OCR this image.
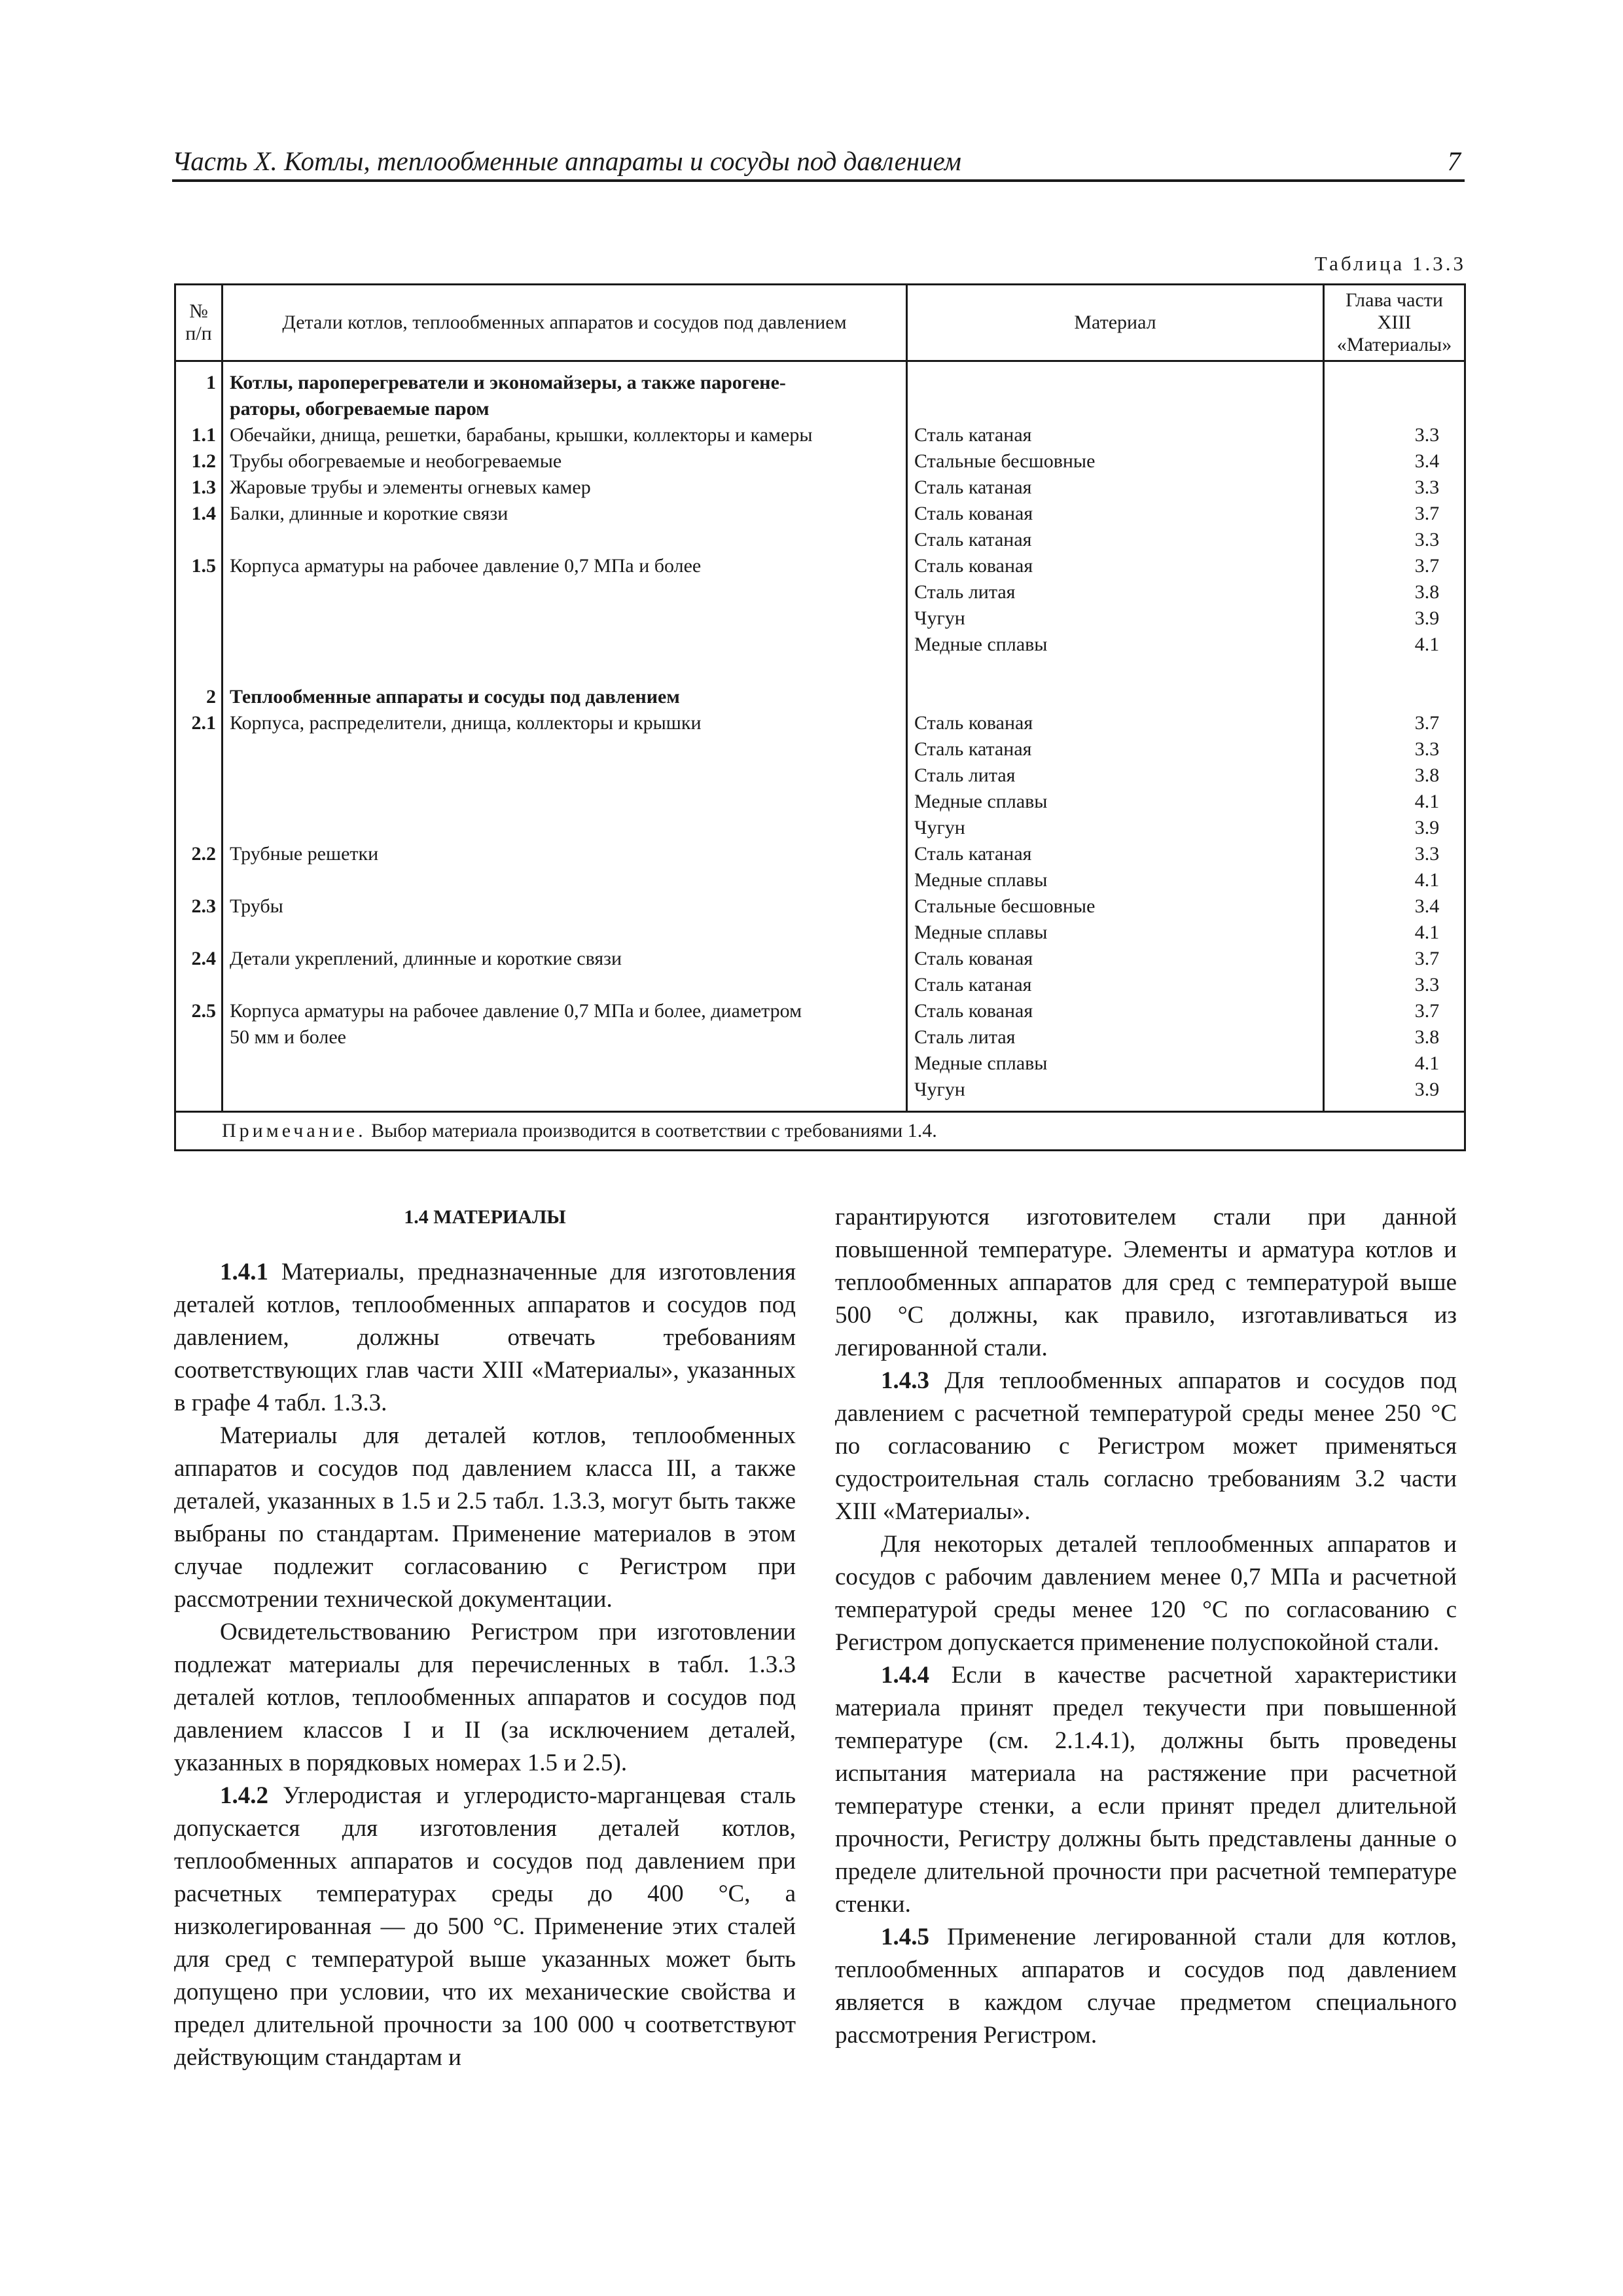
Часть X. Котлы, теплообменные аппараты и сосуды под давлением	7
Таблица 1.3.3
№ п/п	Детали котлов, теплообменных аппаратов и сосудов под давлением	Материал	Глава части XIII «Материалы»
1	Котлы, пароперегреватели и экономайзеры, а также парогене-		
	раторы, обогреваемые паром		
1.1	Обечайки, днища, решетки, барабаны, крышки, коллекторы и камеры	Сталь катаная	3.3
1.2	Трубы обогреваемые и необогреваемые	Стальные бесшовные	3.4
1.3	Жаровые трубы и элементы огневых камер	Сталь катаная	3.3
1.4	Балки, длинные и короткие связи	Сталь кованая	3.7
		Сталь катаная	3.3
1.5	Корпуса арматуры на рабочее давление 0,7 МПа и более	Сталь кованая	3.7
		Сталь литая	3.8
		Чугун	3.9
		Медные сплавы	4.1

2	Теплообменные аппараты и сосуды под давлением		
2.1	Корпуса, распределители, днища, коллекторы и крышки	Сталь кованая	3.7
		Сталь катаная	3.3
		Сталь литая	3.8
		Медные сплавы	4.1
		Чугун	3.9
2.2	Трубные решетки	Сталь катаная	3.3
		Медные сплавы	4.1
2.3	Трубы	Стальные бесшовные	3.4
		Медные сплавы	4.1
2.4	Детали укреплений, длинные и короткие связи	Сталь кованая	3.7
		Сталь катаная	3.3
2.5	Корпуса арматуры на рабочее давление 0,7 МПа и более, диаметром	Сталь кованая	3.7
	50 мм и более	Сталь литая	3.8
		Медные сплавы	4.1
		Чугун	3.9
Примечание. Выбор материала производится в соответствии с требованиями 1.4.			

1.4 МАТЕРИАЛЫ

1.4.1 Материалы, предназначенные для изготовления деталей котлов, теплообменных аппаратов и сосудов под давлением, должны отвечать требованиям соответствующих глав части XIII «Материалы», указанных в графе 4 табл. 1.3.3.

Материалы для деталей котлов, теплообменных аппаратов и сосудов под давлением класса III, а также деталей, указанных в 1.5 и 2.5 табл. 1.3.3, могут быть также выбраны по стандартам. Применение материалов в этом случае подлежит согласованию с Регистром при рассмотрении технической документации.

Освидетельствованию Регистром при изготовлении подлежат материалы для перечисленных в табл. 1.3.3 деталей котлов, теплообменных аппаратов и сосудов под давлением классов I и II (за исключением деталей, указанных в порядковых номерах 1.5 и 2.5).

1.4.2 Углеродистая и углеродисто-марганцевая сталь допускается для изготовления деталей котлов, теплообменных аппаратов и сосудов под давлением при расчетных температурах среды до 400 °С, а низколегированная — до 500 °С. Применение этих сталей для сред с температурой выше указанных может быть допущено при условии, что их механические свойства и предел длительной прочности за 100 000 ч соответствуют действующим стандартам и

гарантируются изготовителем стали при данной повышенной температуре. Элементы и арматура котлов и теплообменных аппаратов для сред с температурой выше 500 °С должны, как правило, изготавливаться из легированной стали.

1.4.3 Для теплообменных аппаратов и сосудов под давлением с расчетной температурой среды менее 250 °С по согласованию с Регистром может применяться судостроительная сталь согласно требованиям 3.2 части XIII «Материалы».

Для некоторых деталей теплообменных аппаратов и сосудов с рабочим давлением менее 0,7 МПа и расчетной температурой среды менее 120 °С по согласованию с Регистром допускается применение полуспокойной стали.

1.4.4 Если в качестве расчетной характеристики материала принят предел текучести при повышенной температуре (см. 2.1.4.1), должны быть проведены испытания материала на растяжение при расчетной температуре стенки, а если принят предел длительной прочности, Регистру должны быть представлены данные о пределе длительной прочности при расчетной температуре стенки.

1.4.5 Применение легированной стали для котлов, теплообменных аппаратов и сосудов под давлением является в каждом случае предметом специального рассмотрения Регистром.
